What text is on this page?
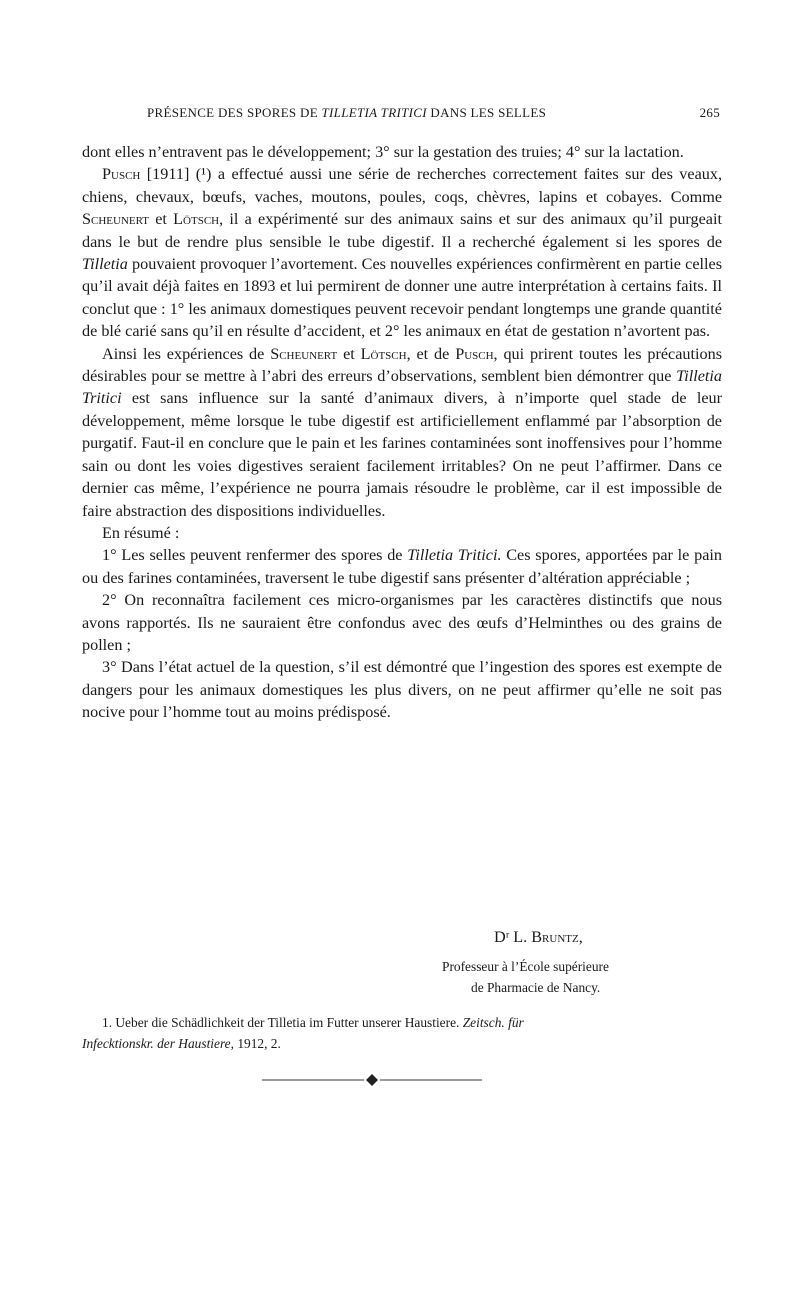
PRÉSENCE DES SPORES DE TILLETIA TRITICI DANS LES SELLES	265

dont elles n’entravent pas le développement; 3° sur la gestation des truies; 4° sur la lactation.

Pusch [1911] (¹) a effectué aussi une série de recherches correctement faites sur des veaux, chiens, chevaux, bœufs, vaches, moutons, poules, coqs, chèvres, lapins et cobayes. Comme Scheunert et Lötsch, il a expérimenté sur des animaux sains et sur des animaux qu’il purgeait dans le but de rendre plus sensible le tube digestif. Il a recherché également si les spores de Tilletia pouvaient provoquer l’avortement. Ces nouvelles expériences confirmèrent en partie celles qu’il avait déjà faites en 1893 et lui permirent de donner une autre interprétation à certains faits. Il conclut que : 1° les animaux domestiques peuvent recevoir pendant longtemps une grande quantité de blé carié sans qu’il en résulte d’accident, et 2° les animaux en état de gestation n’avortent pas.

Ainsi les expériences de Scheunert et Lötsch, et de Pusch, qui prirent toutes les précautions désirables pour se mettre à l’abri des erreurs d’observations, semblent bien démontrer que Tilletia Tritici est sans influence sur la santé d’animaux divers, à n’importe quel stade de leur développement, même lorsque le tube digestif est artificiellement enflammé par l’absorption de purgatif. Faut-il en conclure que le pain et les farines contaminées sont inoffensives pour l’homme sain ou dont les voies digestives seraient facilement irritables? On ne peut l’affirmer. Dans ce dernier cas même, l’expérience ne pourra jamais résoudre le problème, car il est impossible de faire abstraction des dispositions individuelles.

En résumé :

1° Les selles peuvent renfermer des spores de Tilletia Tritici. Ces spores, apportées par le pain ou des farines contaminées, traversent le tube digestif sans présenter d’altération appréciable ;

2° On reconnaîtra facilement ces micro-organismes par les caractères distinctifs que nous avons rapportés. Ils ne sauraient être confondus avec des œufs d’Helminthes ou des grains de pollen ;

3° Dans l’état actuel de la question, s’il est démontré que l’ingestion des spores est exempte de dangers pour les animaux domestiques les plus divers, on ne peut affirmer qu’elle ne soit pas nocive pour l’homme tout au moins prédisposé.

Dʳ L. Bruntz,
Professeur à l’École supérieure
de Pharmacie de Nancy.
1. Ueber die Schädlichkeit der Tilletia im Futter unserer Haustiere. Zeitsch. für
Infecktionskr. der Haustiere, 1912, 2.
